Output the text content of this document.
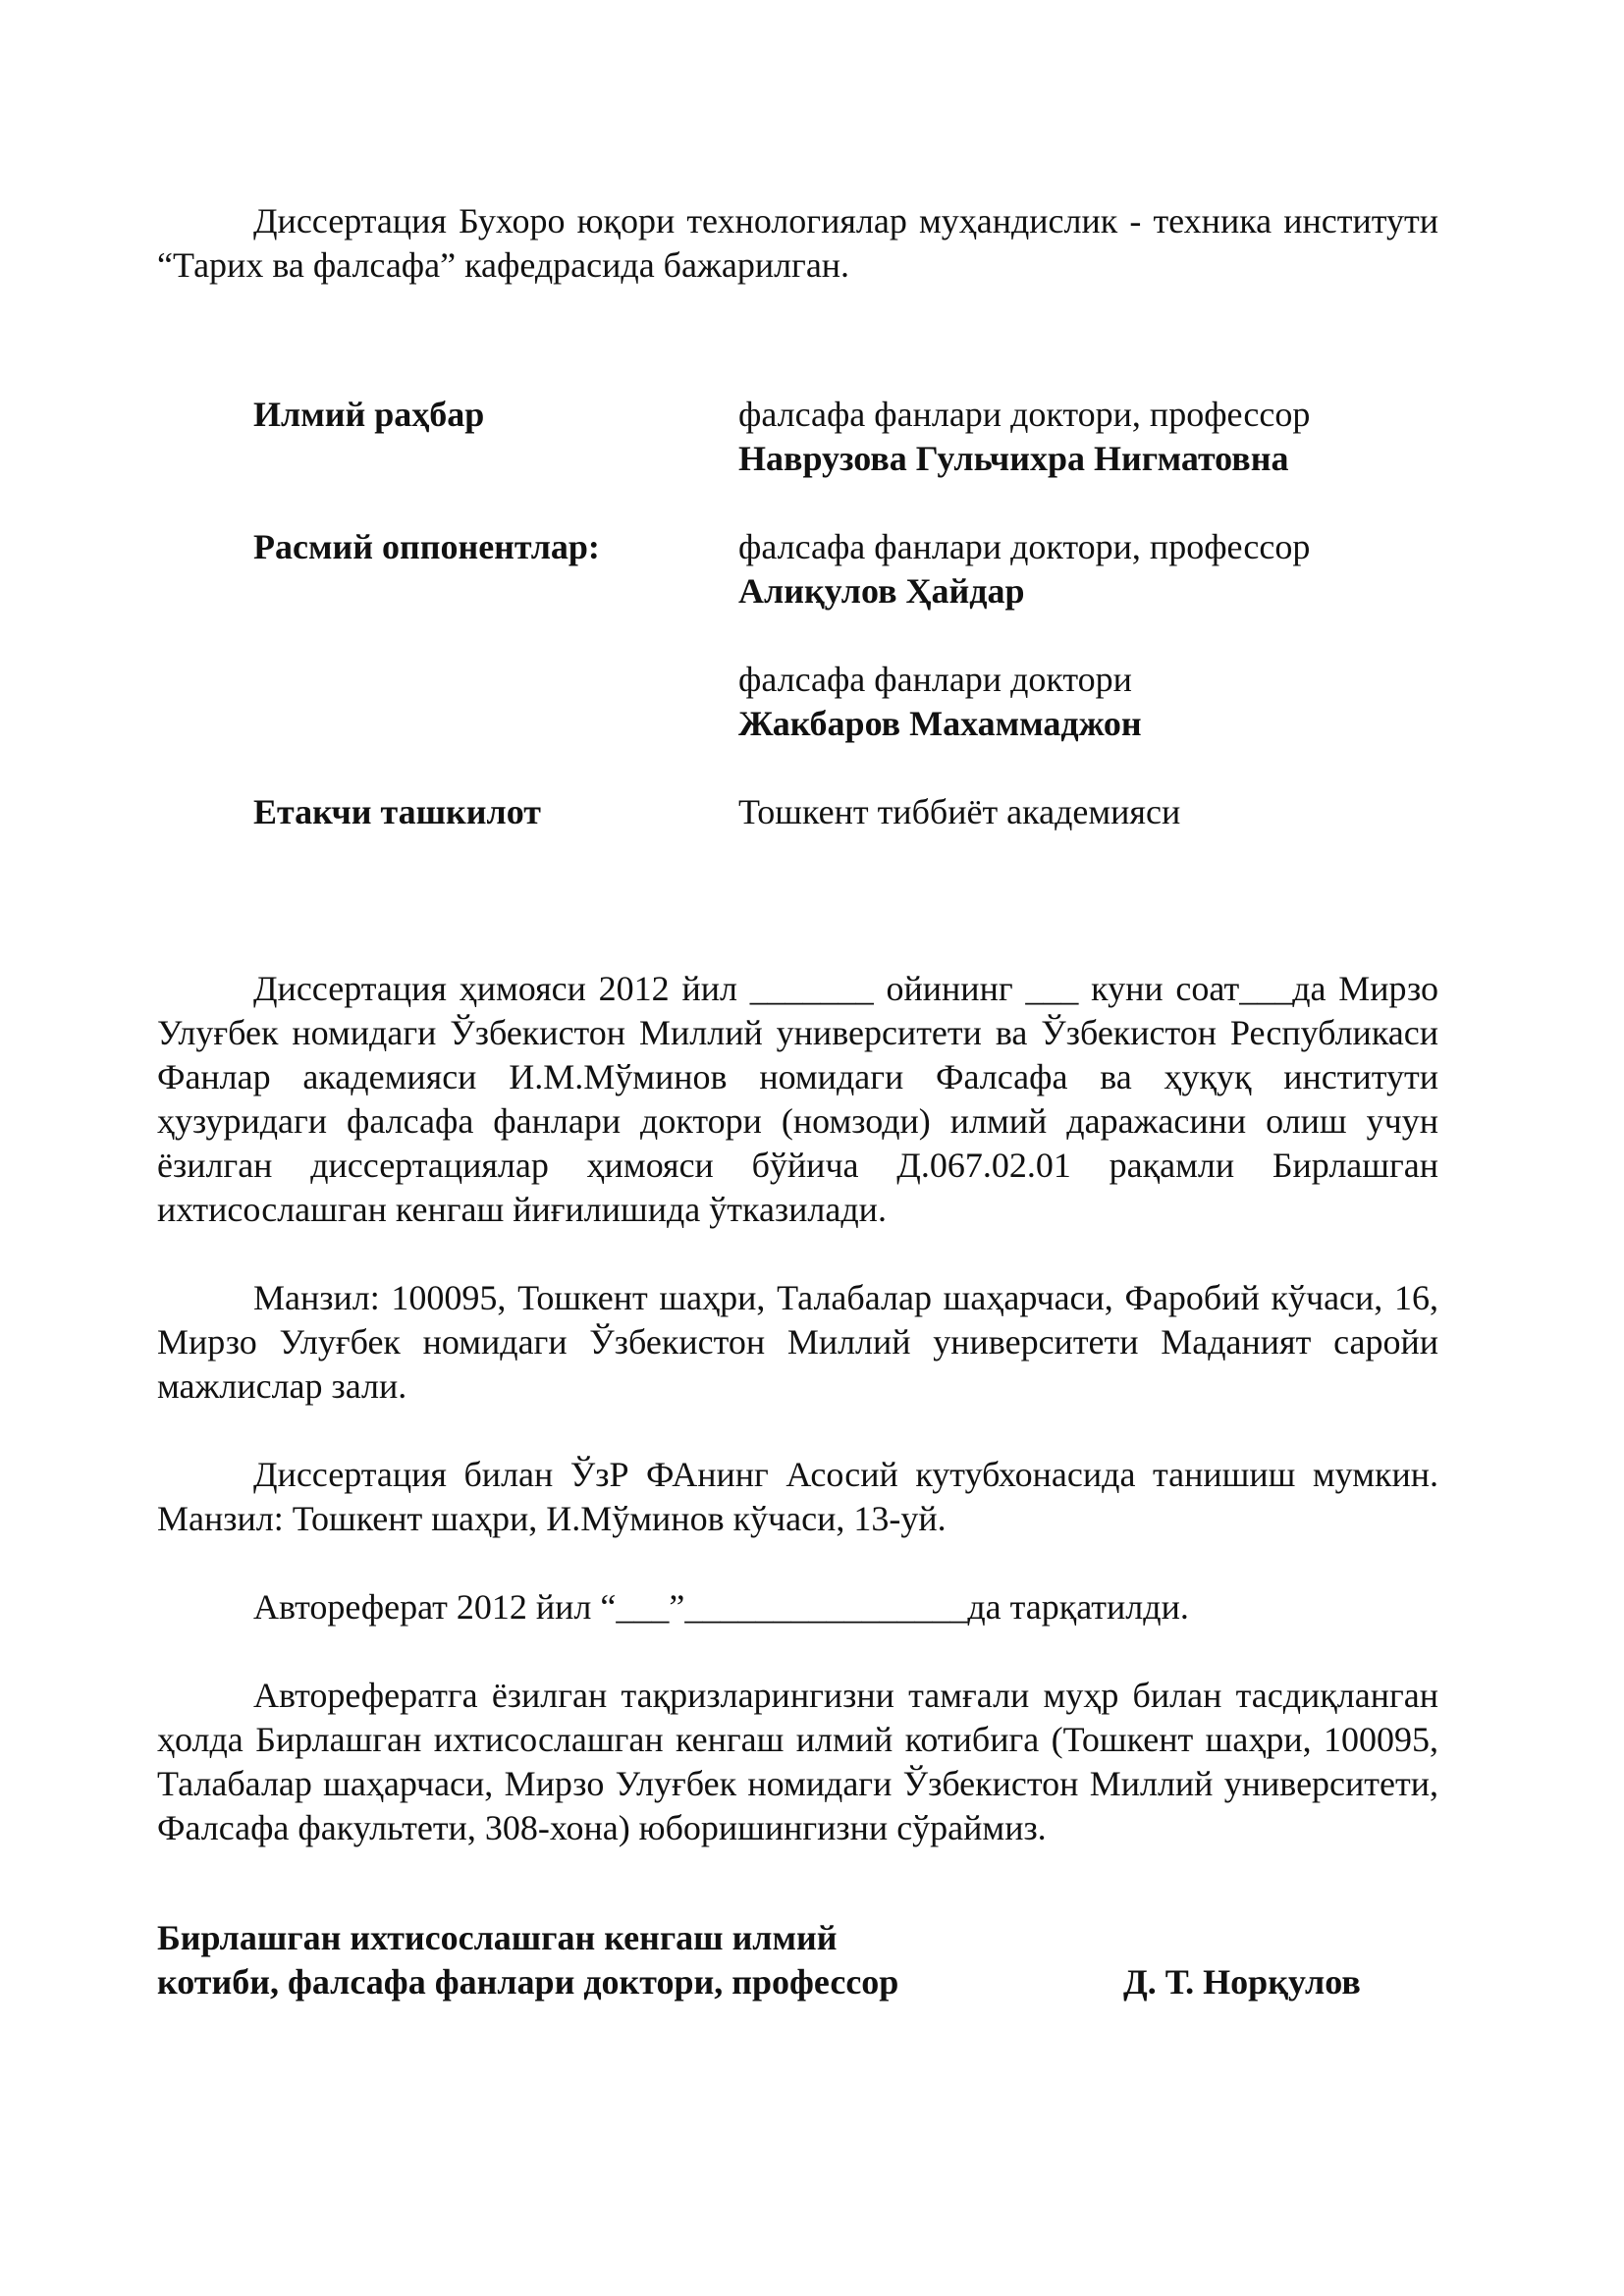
Диссертация Бухоро юқори технологиялар муҳандислик - техника институти “Тарих ва фалсафа” кафедрасида бажарилган.

Илмий раҳбар	фалсафа фанлари доктори, профессор
Наврузова Гульчихра Нигматовна
Расмий оппонентлар:	фалсафа фанлари доктори, профессор
Алиқулов Ҳайдар
фалсафа фанлари доктори
Жакбаров Махаммаджон
Етакчи ташкилот	Тошкент тиббиёт академияси

Диссертация ҳимояси 2012 йил _______ ойининг ___ куни соат___да Мирзо Улуғбек номидаги Ўзбекистон Миллий университети ва Ўзбекистон Республикаси Фанлар академияси И.М.Мўминов номидаги Фалсафа ва ҳуқуқ институти ҳузуридаги фалсафа фанлари доктори (номзоди) илмий даражасини олиш учун ёзилган диссертациялар ҳимояси бўйича Д.067.02.01 рақамли Бирлашган ихтисослашган кенгаш йиғилишида ўтказилади.

Манзил: 100095, Тошкент шаҳри, Талабалар шаҳарчаси, Фаробий кўчаси, 16, Мирзо Улуғбек номидаги Ўзбекистон Миллий университети Маданият саройи мажлислар зали.

Диссертация билан ЎзР ФАнинг Асосий кутубхонасида танишиш мумкин. Манзил: Тошкент шаҳри, И.Мўминов кўчаси, 13-уй.

Автореферат 2012 йил “___”________________да тарқатилди.

Авторефератга ёзилган тақризларингизни тамғали муҳр билан тасдиқланган ҳолда Бирлашган ихтисослашган кенгаш илмий котибига (Тошкент шаҳри, 100095, Талабалар шаҳарчаси, Мирзо Улуғбек номидаги Ўзбекистон Миллий университети, Фалсафа факультети, 308-хона) юборишингизни сўраймиз.

Бирлашган ихтисослашган кенгаш илмий
котиби, фалсафа фанлари доктори, профессор	Д. Т. Норқулов
